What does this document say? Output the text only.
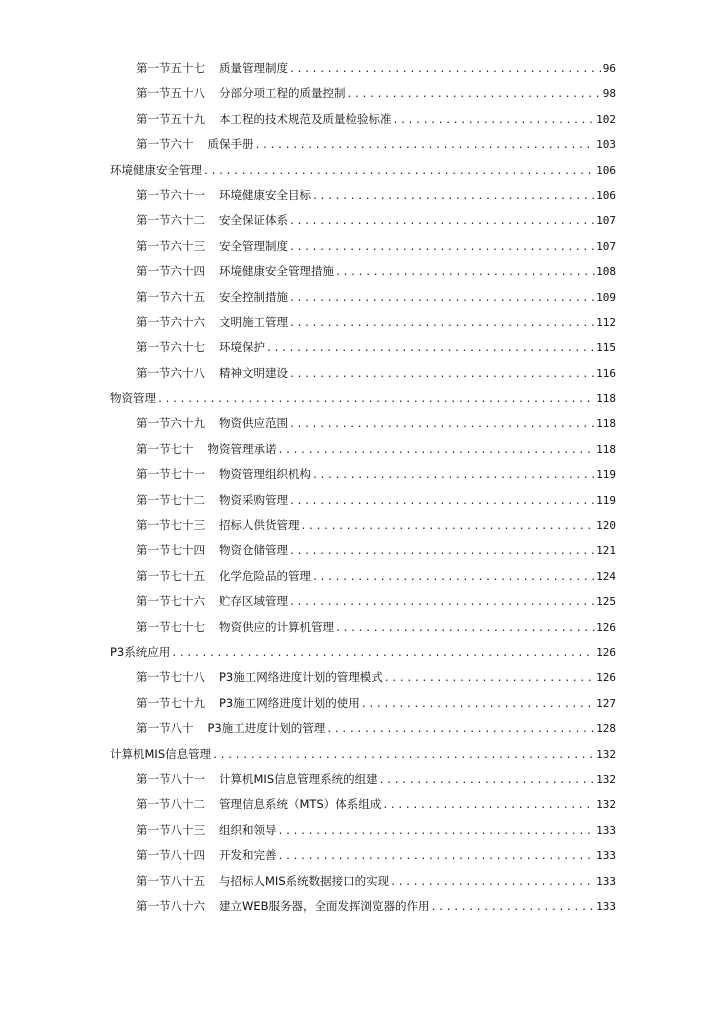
第一节五十七 质量管理制度 .....	96
第一节五十八 分部分项工程的质量控制 .....	98
第一节五十九 本工程的技术规范及质量检验标准 .....	102
第一节六十 质保手册 .....	103
环境健康安全管理 .....	106
第一节六十一 环境健康安全目标 .....	106
第一节六十二 安全保证体系 .....	107
第一节六十三 安全管理制度 .....	107
第一节六十四 环境健康安全管理措施 .....	108
第一节六十五 安全控制措施 .....	109
第一节六十六 文明施工管理 .....	112
第一节六十七 环境保护 .....	115
第一节六十八 精神文明建设 .....	116
物资管理 .....	118
第一节六十九 物资供应范围 .....	118
第一节七十 物资管理承诺 .....	118
第一节七十一 物资管理组织机构 .....	119
第一节七十二 物资采购管理 .....	119
第一节七十三 招标人供货管理 .....	120
第一节七十四 物资仓储管理 .....	121
第一节七十五 化学危险品的管理 .....	124
第一节七十六 贮存区域管理 .....	125
第一节七十七 物资供应的计算机管理 .....	126
P3系统应用 .....	126
第一节七十八 P3施工网络进度计划的管理模式 .....	126
第一节七十九 P3施工网络进度计划的使用 .....	127
第一节八十 P3施工进度计划的管理 .....	128
计算机MIS信息管理 .....	132
第一节八十一 计算机MIS信息管理系统的组建 .....	132
第一节八十二 管理信息系统（MTS）体系组成 .....	132
第一节八十三 组织和领导 .....	133
第一节八十四 开发和完善 .....	133
第一节八十五 与招标人MIS系统数据接口的实现 .....	133
第一节八十六 建立WEB服务器，全面发挥浏览器的作用 .....	133
